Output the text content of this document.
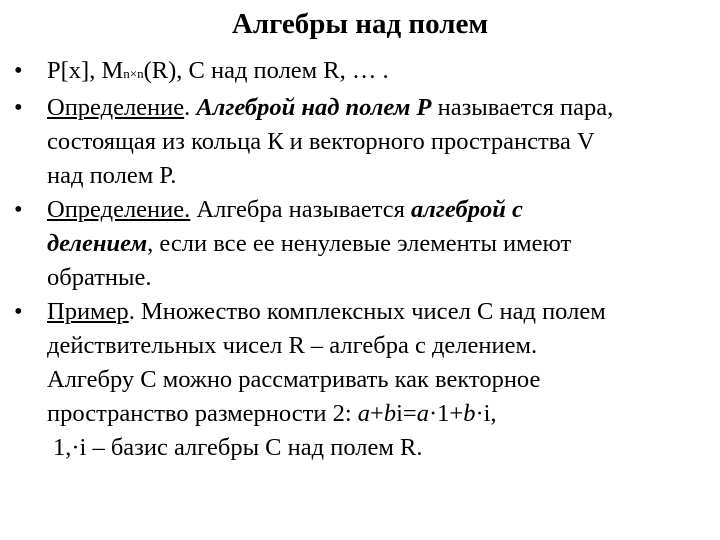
Алгебры над полем
• P[x], Mn×n(R), C над полем R, … .
• Определение. Алгеброй над полем P называется пара,
состоящая из кольца К и векторного пространства V
над полем P.
• Определение. Алгебра называется алгеброй с
делением, если все ее ненулевые элементы имеют
обратные.
• Пример. Множество комплексных чисел C над полем
действительных чисел R – алгебра с делением.
Алгебру C можно рассматривать как векторное
пространство размерности 2: a+bi=a·1+b·i,
1,·i – базис алгебры C над полем R.
